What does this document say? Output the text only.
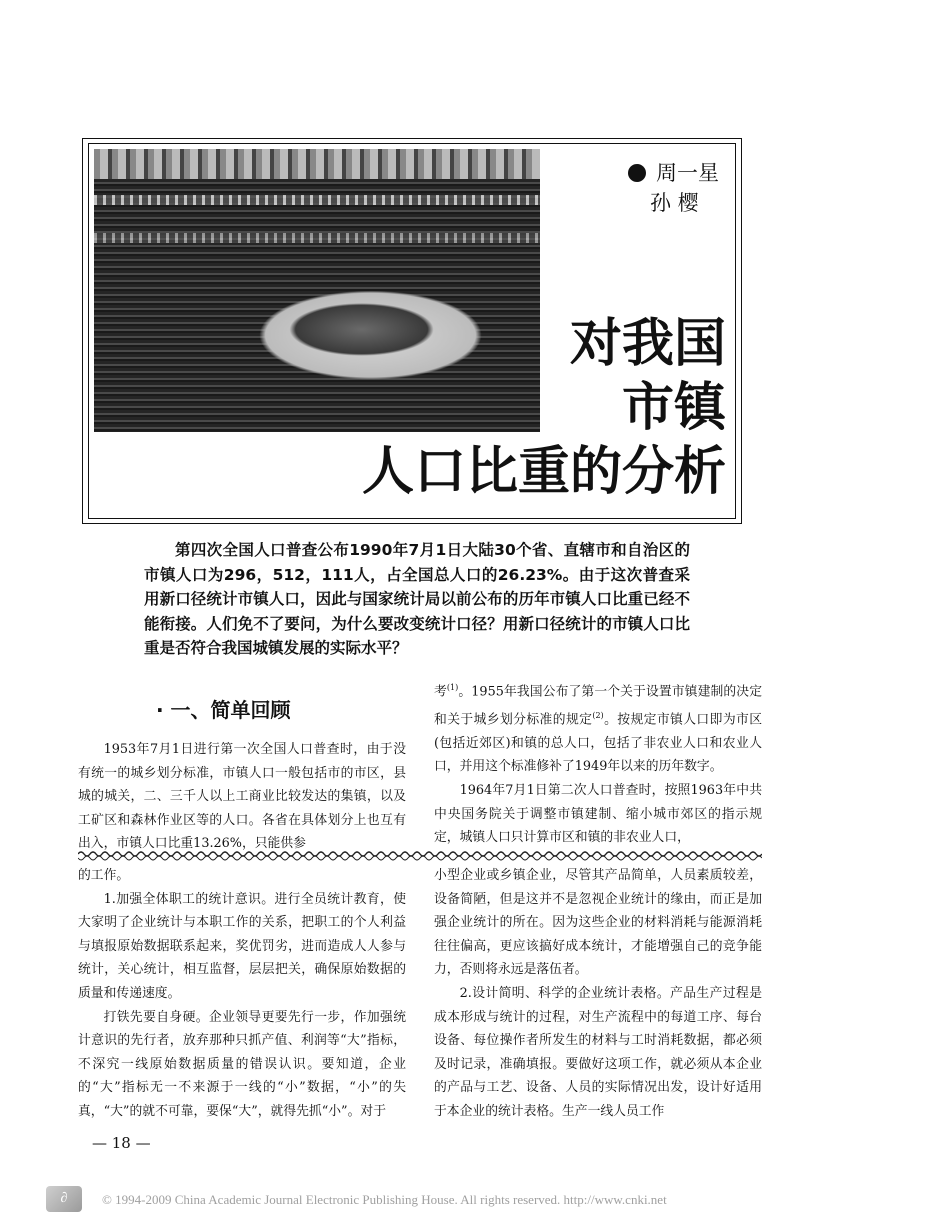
周一星
孙 樱
对我国
市镇
人口比重的分析
第四次全国人口普查公布1990年7月1日大陆30个省、直辖市和自治区的市镇人口为296，512，111人，占全国总人口的26.23%。由于这次普查采用新口径统计市镇人口，因此与国家统计局以前公布的历年市镇人口比重已经不能衔接。人们免不了要问，为什么要改变统计口径？用新口径统计的市镇人口比重是否符合我国城镇发展的实际水平？
· 一、简单回顾

1953年7月1日进行第一次全国人口普查时，由于没有统一的城乡划分标准，市镇人口一般包括市的市区，县城的城关，二、三千人以上工商业比较发达的集镇，以及工矿区和森林作业区等的人口。各省在具体划分上也互有出入，市镇人口比重13.26%，只能供参

考$^{(1)}$。1955年我国公布了第一个关于设置市镇建制的决定和关于城乡划分标准的规定$^{(2)}$。按规定市镇人口即为市区(包括近郊区)和镇的总人口，包括了非农业人口和农业人口，并用这个标准修补了1949年以来的历年数字。

1964年7月1日第二次人口普查时，按照1963年中共中央国务院关于调整市镇建制、缩小城市郊区的指示规定，城镇人口只计算市区和镇的非农业人口，

的工作。

1.加强全体职工的统计意识。进行全员统计教育，使大家明了企业统计与本职工作的关系，把职工的个人利益与填报原始数据联系起来，奖优罚劣，进而造成人人参与统计，关心统计，相互监督，层层把关，确保原始数据的质量和传递速度。

打铁先要自身硬。企业领导更要先行一步，作加强统计意识的先行者，放弃那种只抓产值、利润等“大”指标，不深究一线原始数据质量的错误认识。要知道，企业的“大”指标无一不来源于一线的“小”数据，“小”的失真，“大”的就不可靠，要保“大”，就得先抓“小”。对于

小型企业或乡镇企业，尽管其产品简单，人员素质较差，设备简陋，但是这并不是忽视企业统计的缘由，而正是加强企业统计的所在。因为这些企业的材料消耗与能源消耗往往偏高，更应该搞好成本统计，才能增强自己的竞争能力，否则将永远是落伍者。

2.设计简明、科学的企业统计表格。产品生产过程是成本形成与统计的过程，对生产流程中的每道工序、每台设备、每位操作者所发生的材料与工时消耗数据，都必须及时记录，准确填报。要做好这项工作，就必须从本企业的产品与工艺、设备、人员的实际情况出发，设计好适用于本企业的统计表格。生产一线人员工作

— 18 —
∂	© 1994-2009 China Academic Journal Electronic Publishing House. All rights reserved. http://www.cnki.net
